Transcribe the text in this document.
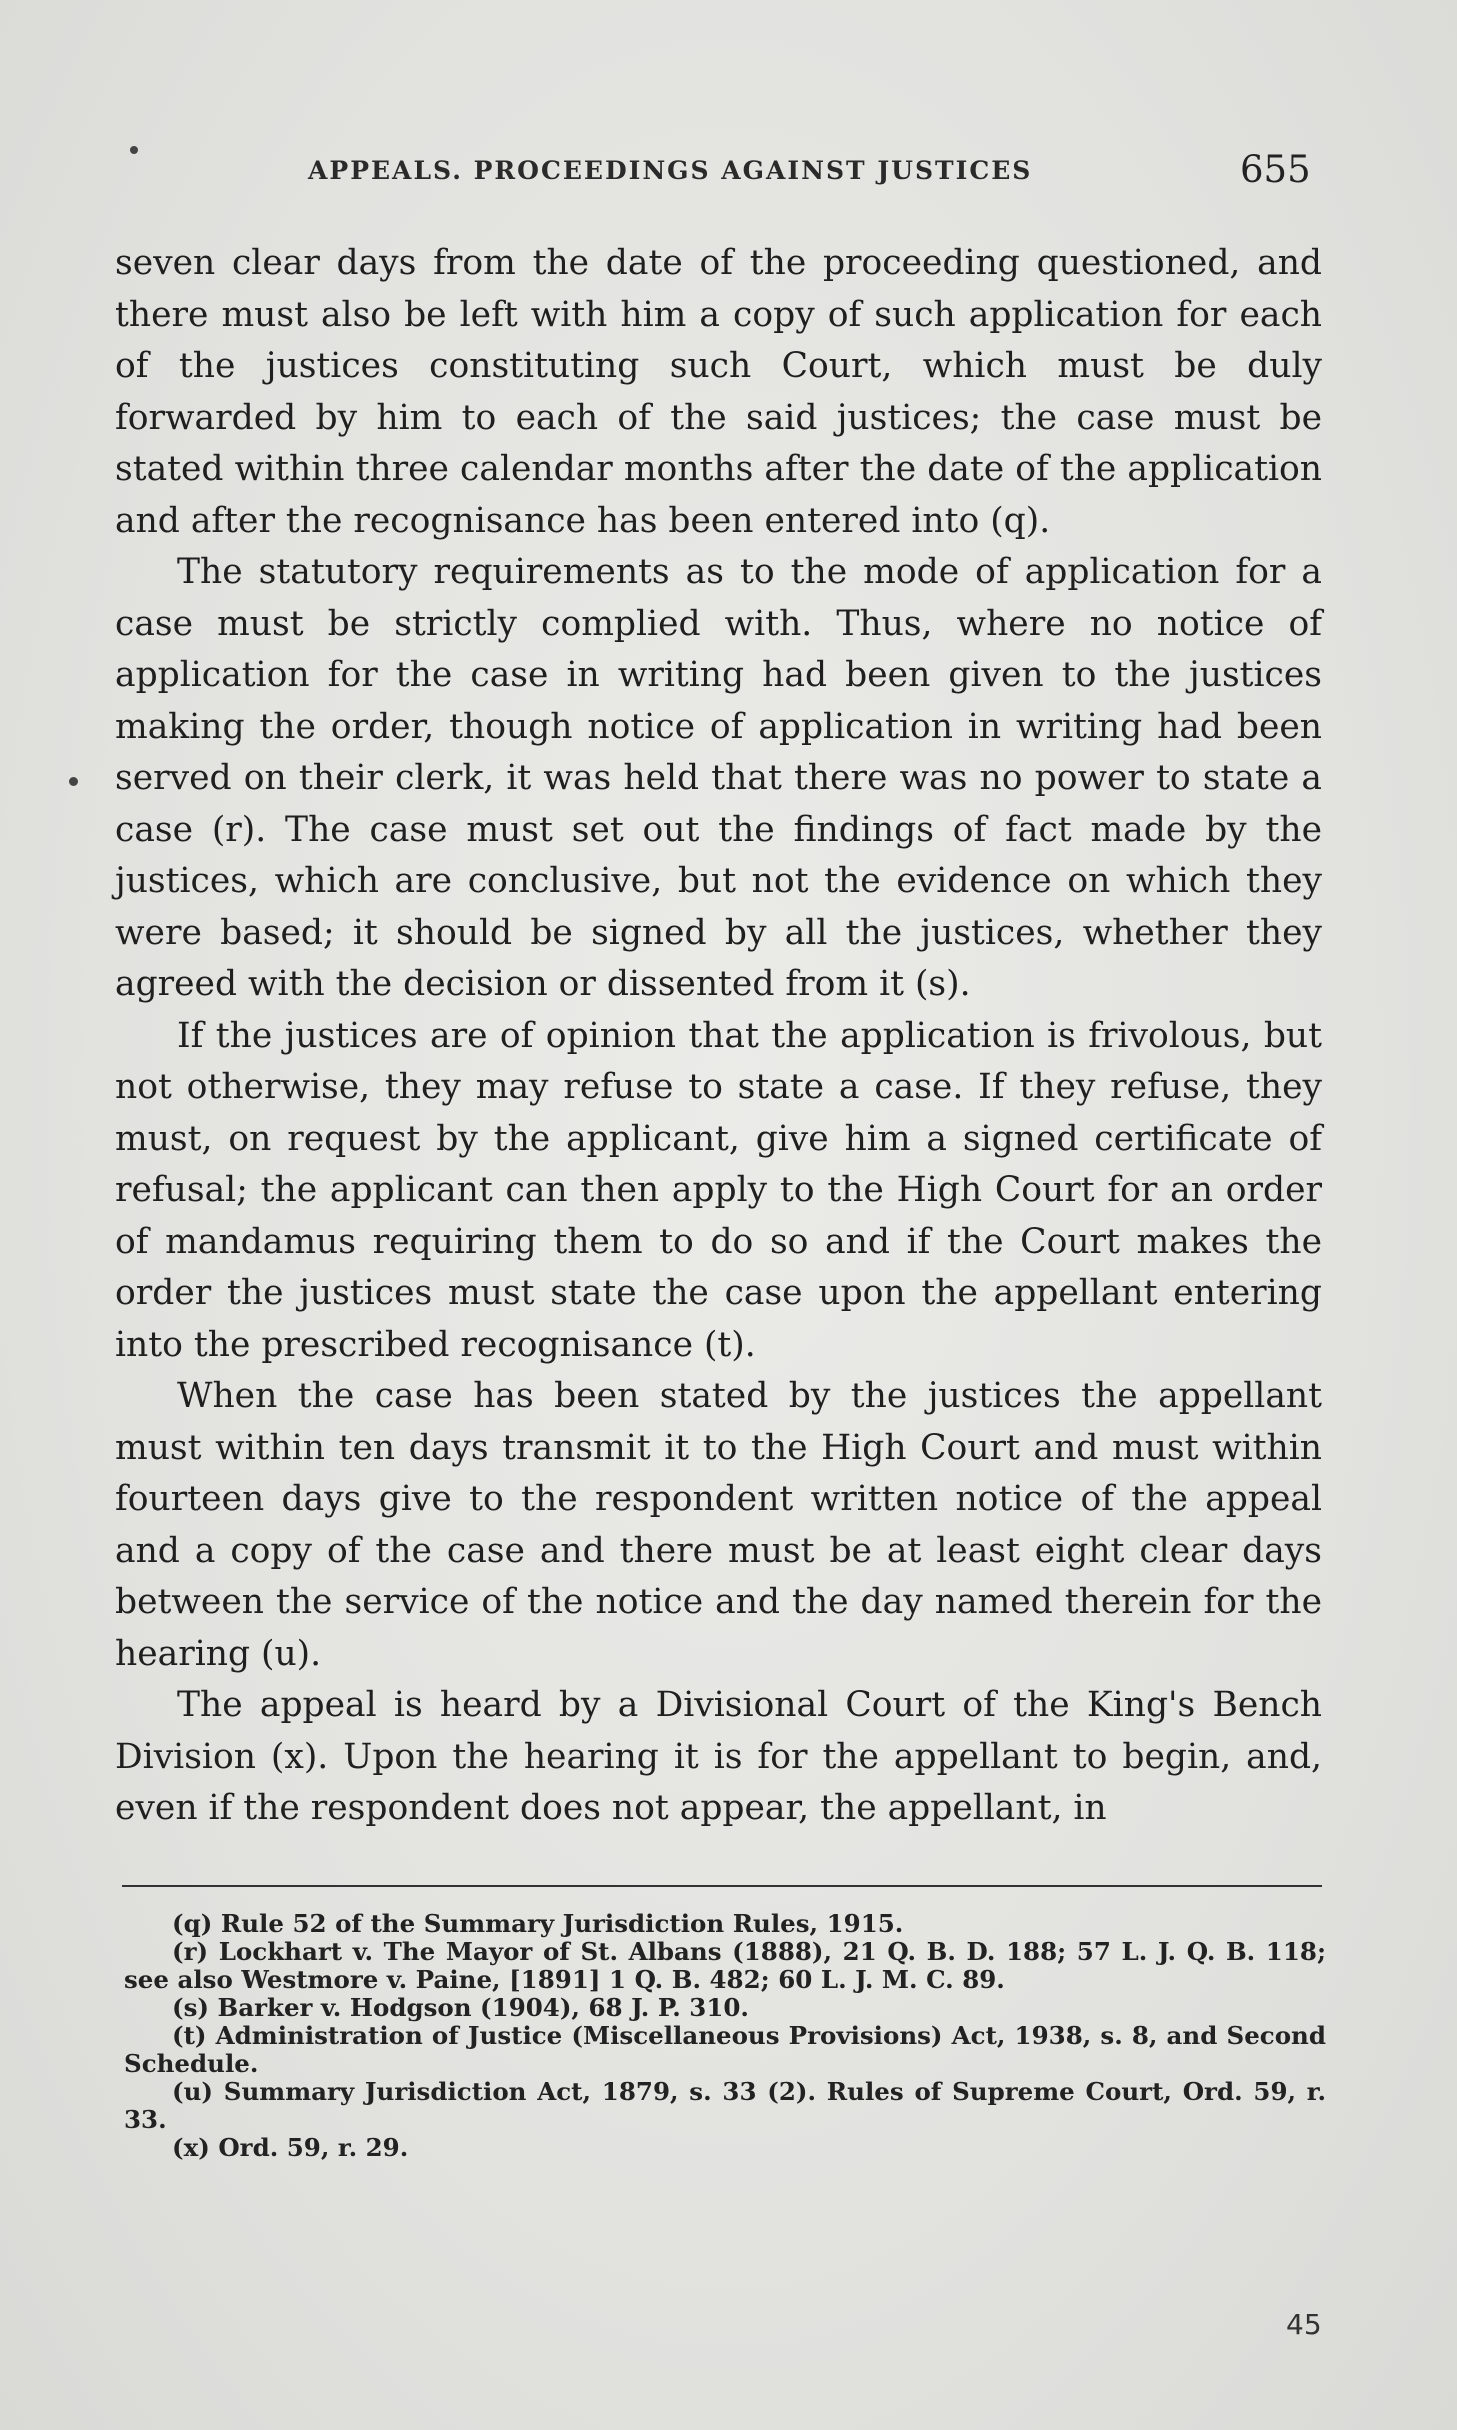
APPEALS. PROCEEDINGS AGAINST JUSTICES	655

seven clear days from the date of the proceeding questioned, and there must also be left with him a copy of such application for each of the justices constituting such Court, which must be duly forwarded by him to each of the said justices; the case must be stated within three calendar months after the date of the application and after the recognisance has been entered into (q).

The statutory requirements as to the mode of application for a case must be strictly complied with. Thus, where no notice of application for the case in writing had been given to the justices making the order, though notice of application in writing had been served on their clerk, it was held that there was no power to state a case (r). The case must set out the findings of fact made by the justices, which are conclusive, but not the evidence on which they were based; it should be signed by all the justices, whether they agreed with the decision or dissented from it (s).

If the justices are of opinion that the application is frivolous, but not otherwise, they may refuse to state a case. If they refuse, they must, on request by the applicant, give him a signed certificate of refusal; the applicant can then apply to the High Court for an order of mandamus requiring them to do so and if the Court makes the order the justices must state the case upon the appellant entering into the prescribed recognisance (t).

When the case has been stated by the justices the appellant must within ten days transmit it to the High Court and must within fourteen days give to the respondent written notice of the appeal and a copy of the case and there must be at least eight clear days between the service of the notice and the day named therein for the hearing (u).

The appeal is heard by a Divisional Court of the King's Bench Division (x). Upon the hearing it is for the appellant to begin, and, even if the respondent does not appear, the appellant, in

(q) Rule 52 of the Summary Jurisdiction Rules, 1915.

(r) Lockhart v. The Mayor of St. Albans (1888), 21 Q. B. D. 188; 57 L. J. Q. B. 118; see also Westmore v. Paine, [1891] 1 Q. B. 482; 60 L. J. M. C. 89.

(s) Barker v. Hodgson (1904), 68 J. P. 310.

(t) Administration of Justice (Miscellaneous Provisions) Act, 1938, s. 8, and Second Schedule.

(u) Summary Jurisdiction Act, 1879, s. 33 (2). Rules of Supreme Court, Ord. 59, r. 33.

(x) Ord. 59, r. 29.

45
